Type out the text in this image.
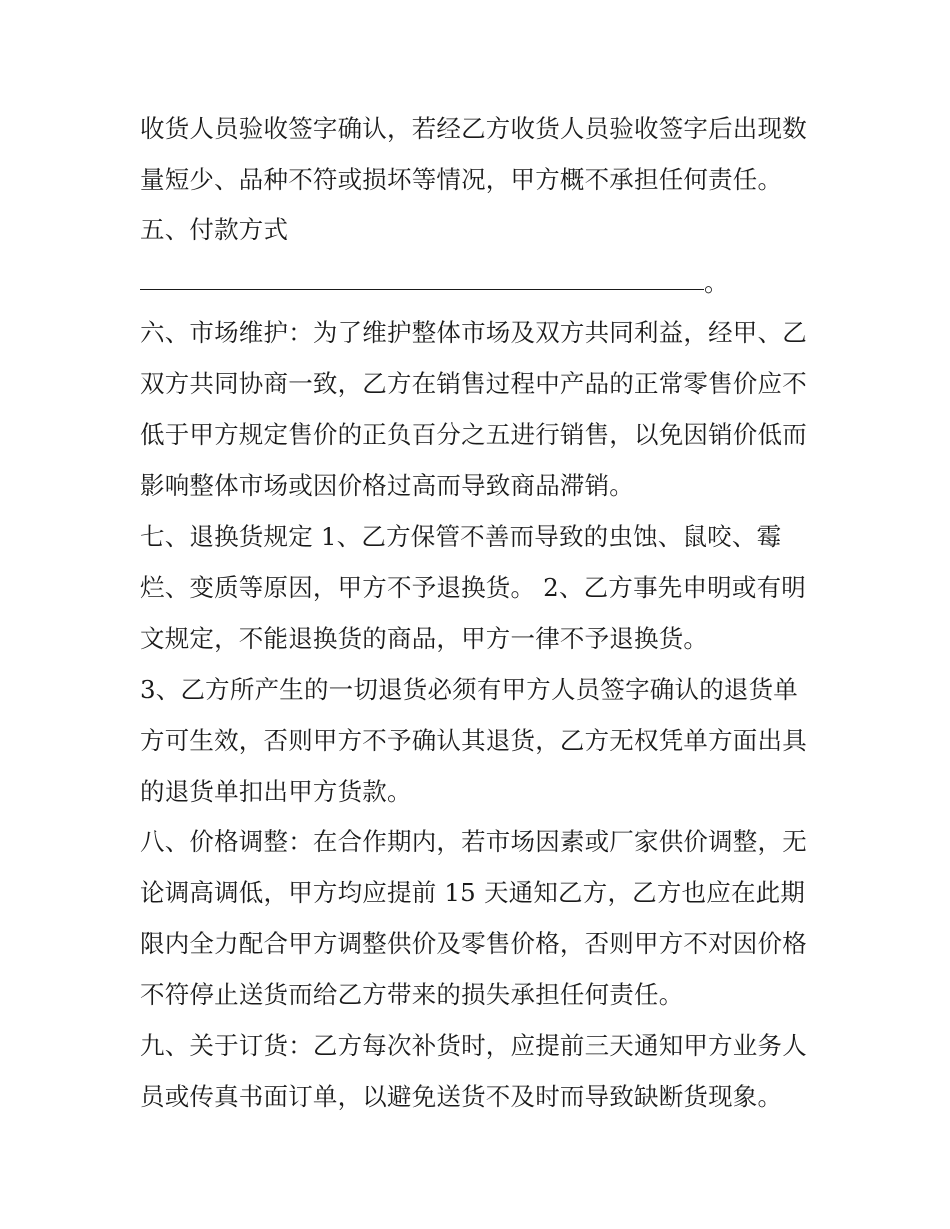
收货人员验收签字确认，若经乙方收货人员验收签字后出现数
量短少、品种不符或损坏等情况，甲方概不承担任何责任。
五、付款方式
。
六、市场维护：为了维护整体市场及双方共同利益，经甲、乙
双方共同协商一致，乙方在销售过程中产品的正常零售价应不
低于甲方规定售价的正负百分之五进行销售，以免因销价低而
影响整体市场或因价格过高而导致商品滞销。
七、退换货规定 1、乙方保管不善而导致的虫蚀、鼠咬、霉
烂、变质等原因，甲方不予退换货。 2、乙方事先申明或有明
文规定，不能退换货的商品，甲方一律不予退换货。
3、乙方所产生的一切退货必须有甲方人员签字确认的退货单
方可生效，否则甲方不予确认其退货，乙方无权凭单方面出具
的退货单扣出甲方货款。
八、价格调整：在合作期内，若市场因素或厂家供价调整，无
论调高调低，甲方均应提前 15 天通知乙方，乙方也应在此期
限内全力配合甲方调整供价及零售价格，否则甲方不对因价格
不符停止送货而给乙方带来的损失承担任何责任。
九、关于订货：乙方每次补货时，应提前三天通知甲方业务人
员或传真书面订单，以避免送货不及时而导致缺断货现象。
